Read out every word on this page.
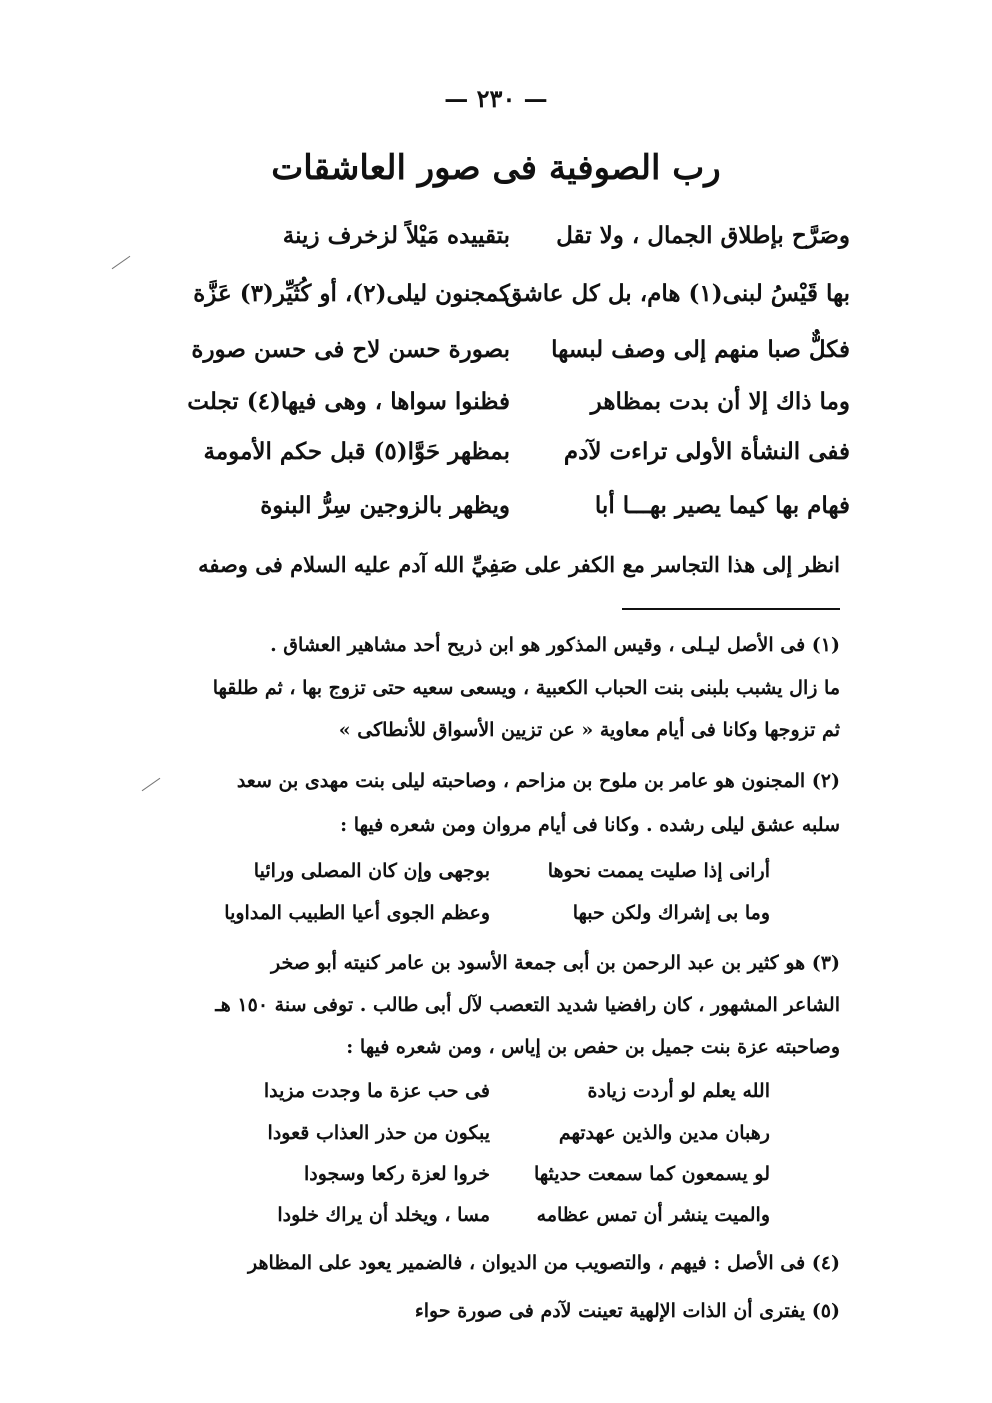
— ٢٣٠ —
رب الصوفية فى صور العاشقات
وصَرَّح بإطلاق الجمال ، ولا تقل
بتقييده مَيْلاً لزخرف زينة
بها قَيْسُ لبنى(١) هام، بل كل عاشق
كمجنون ليلى(٢)، أو كُثَيِّر(٣) عَزَّة
فكلٌّ صبا منهم إلى وصف لبسها
بصورة حسن لاح فى حسن صورة
وما ذاك إلا أن بدت بمظاهر
فظنوا سواها ، وهى فيها(٤) تجلت
ففى النشأة الأولى تراءت لآدم
بمظهر حَوَّا(٥) قبل حكم الأمومة
فهام بها كيما يصير بهـــا أبا
ويظهر بالزوجين سِرُّ البنوة
انظر إلى هذا التجاسر مع الكفر على صَفِيِّ الله آدم عليه السلام فى وصفه
(١) فى الأصل ليـلى ، وقيس المذكور هو ابن ذريح أحد مشاهير العشاق .
ما زال يشبب بلبنى بنت الحباب الكعبية ، ويسعى سعيه حتى تزوج بها ، ثم طلقها
ثم تزوجها وكانا فى أيام معاوية « عن تزيين الأسواق للأنطاكى »
(٢) المجنون هو عامر بن ملوح بن مزاحم ، وصاحبته ليلى بنت مهدى بن سعد
سلبه عشق ليلى رشده . وكانا فى أيام مروان ومن شعره فيها :
أرانى إذا صليت يممت نحوها
بوجهى وإن كان المصلى ورائيا
وما بى إشراك ولكن حبها
وعظم الجوى أعيا الطبيب المداويا
(٣) هو كثير بن عبد الرحمن بن أبى جمعة الأسود بن عامر كنيته أبو صخر
الشاعر المشهور ، كان رافضيا شديد التعصب لآل أبى طالب . توفى سنة ١٥٠ هـ
وصاحبته عزة بنت جميل بن حفص بن إياس ، ومن شعره فيها :
الله يعلم لو أردت زيادة
فى حب عزة ما وجدت مزيدا
رهبان مدين والذين عهدتهم
يبكون من حذر العذاب قعودا
لو يسمعون كما سمعت حديثها
خروا لعزة ركعا وسجودا
والميت ينشر أن تمس عظامه
مسا ، ويخلد أن يراك خلودا
(٤) فى الأصل : فيهم ، والتصويب من الديوان ، فالضمير يعود على المظاهر
(٥) يفترى أن الذات الإلهية تعينت لآدم فى صورة حواء
